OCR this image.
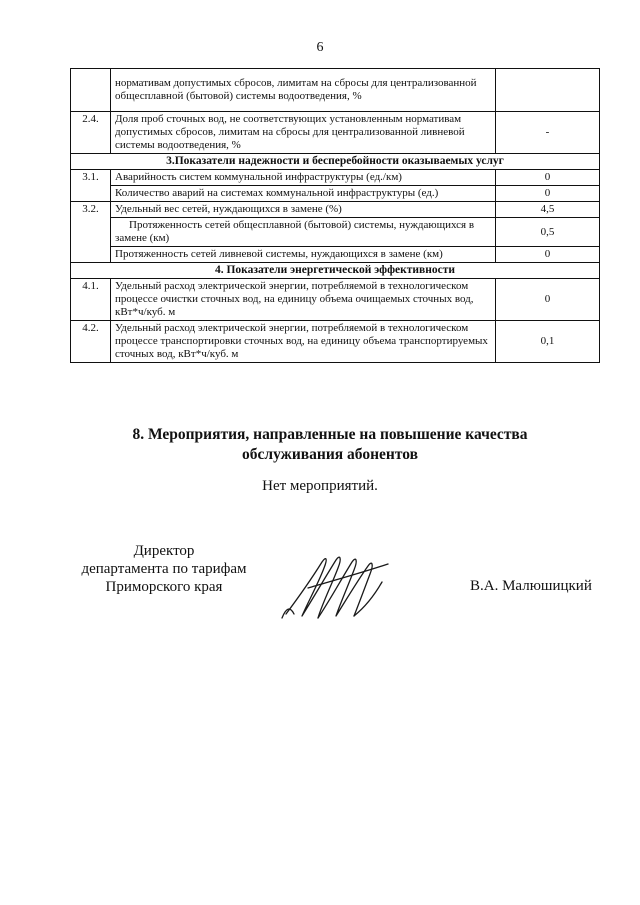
6
	нормативам допустимых сбросов, лимитам на сбросы для централизованной общесплавной (бытовой) системы водоотведения, %	
2.4.	Доля проб сточных вод, не соответствующих установленным нормативам допустимых сбросов, лимитам на сбросы для централизованной ливневой системы водоотведения, %	-
3.Показатели надежности и бесперебойности оказываемых услуг		
3.1.	Аварийность систем коммунальной инфраструктуры (ед./км)	0
	Количество аварий на системах коммунальной инфраструктуры (ед.)	0
3.2.	Удельный вес сетей, нуждающихся в замене (%)	4,5
	Протяженность сетей общесплавной (бытовой) системы, нуждающихся в замене (км)	0,5
	Протяженность сетей ливневой системы, нуждающихся в замене (км)	0
4. Показатели энергетической эффективности		
4.1.	Удельный расход электрической энергии, потребляемой в технологическом процессе очистки сточных вод, на единицу объема очищаемых сточных вод, кВт*ч/куб. м	0
4.2.	Удельный расход электрической энергии, потребляемой в технологическом процессе транспортировки сточных вод, на единицу объема транспортируемых сточных вод, кВт*ч/куб. м	0,1
8. Мероприятия, направленные на повышение качества
обслуживания абонентов
Нет мероприятий.
Директор
департамента по тарифам
Приморского края	В.А. Малюшицкий
